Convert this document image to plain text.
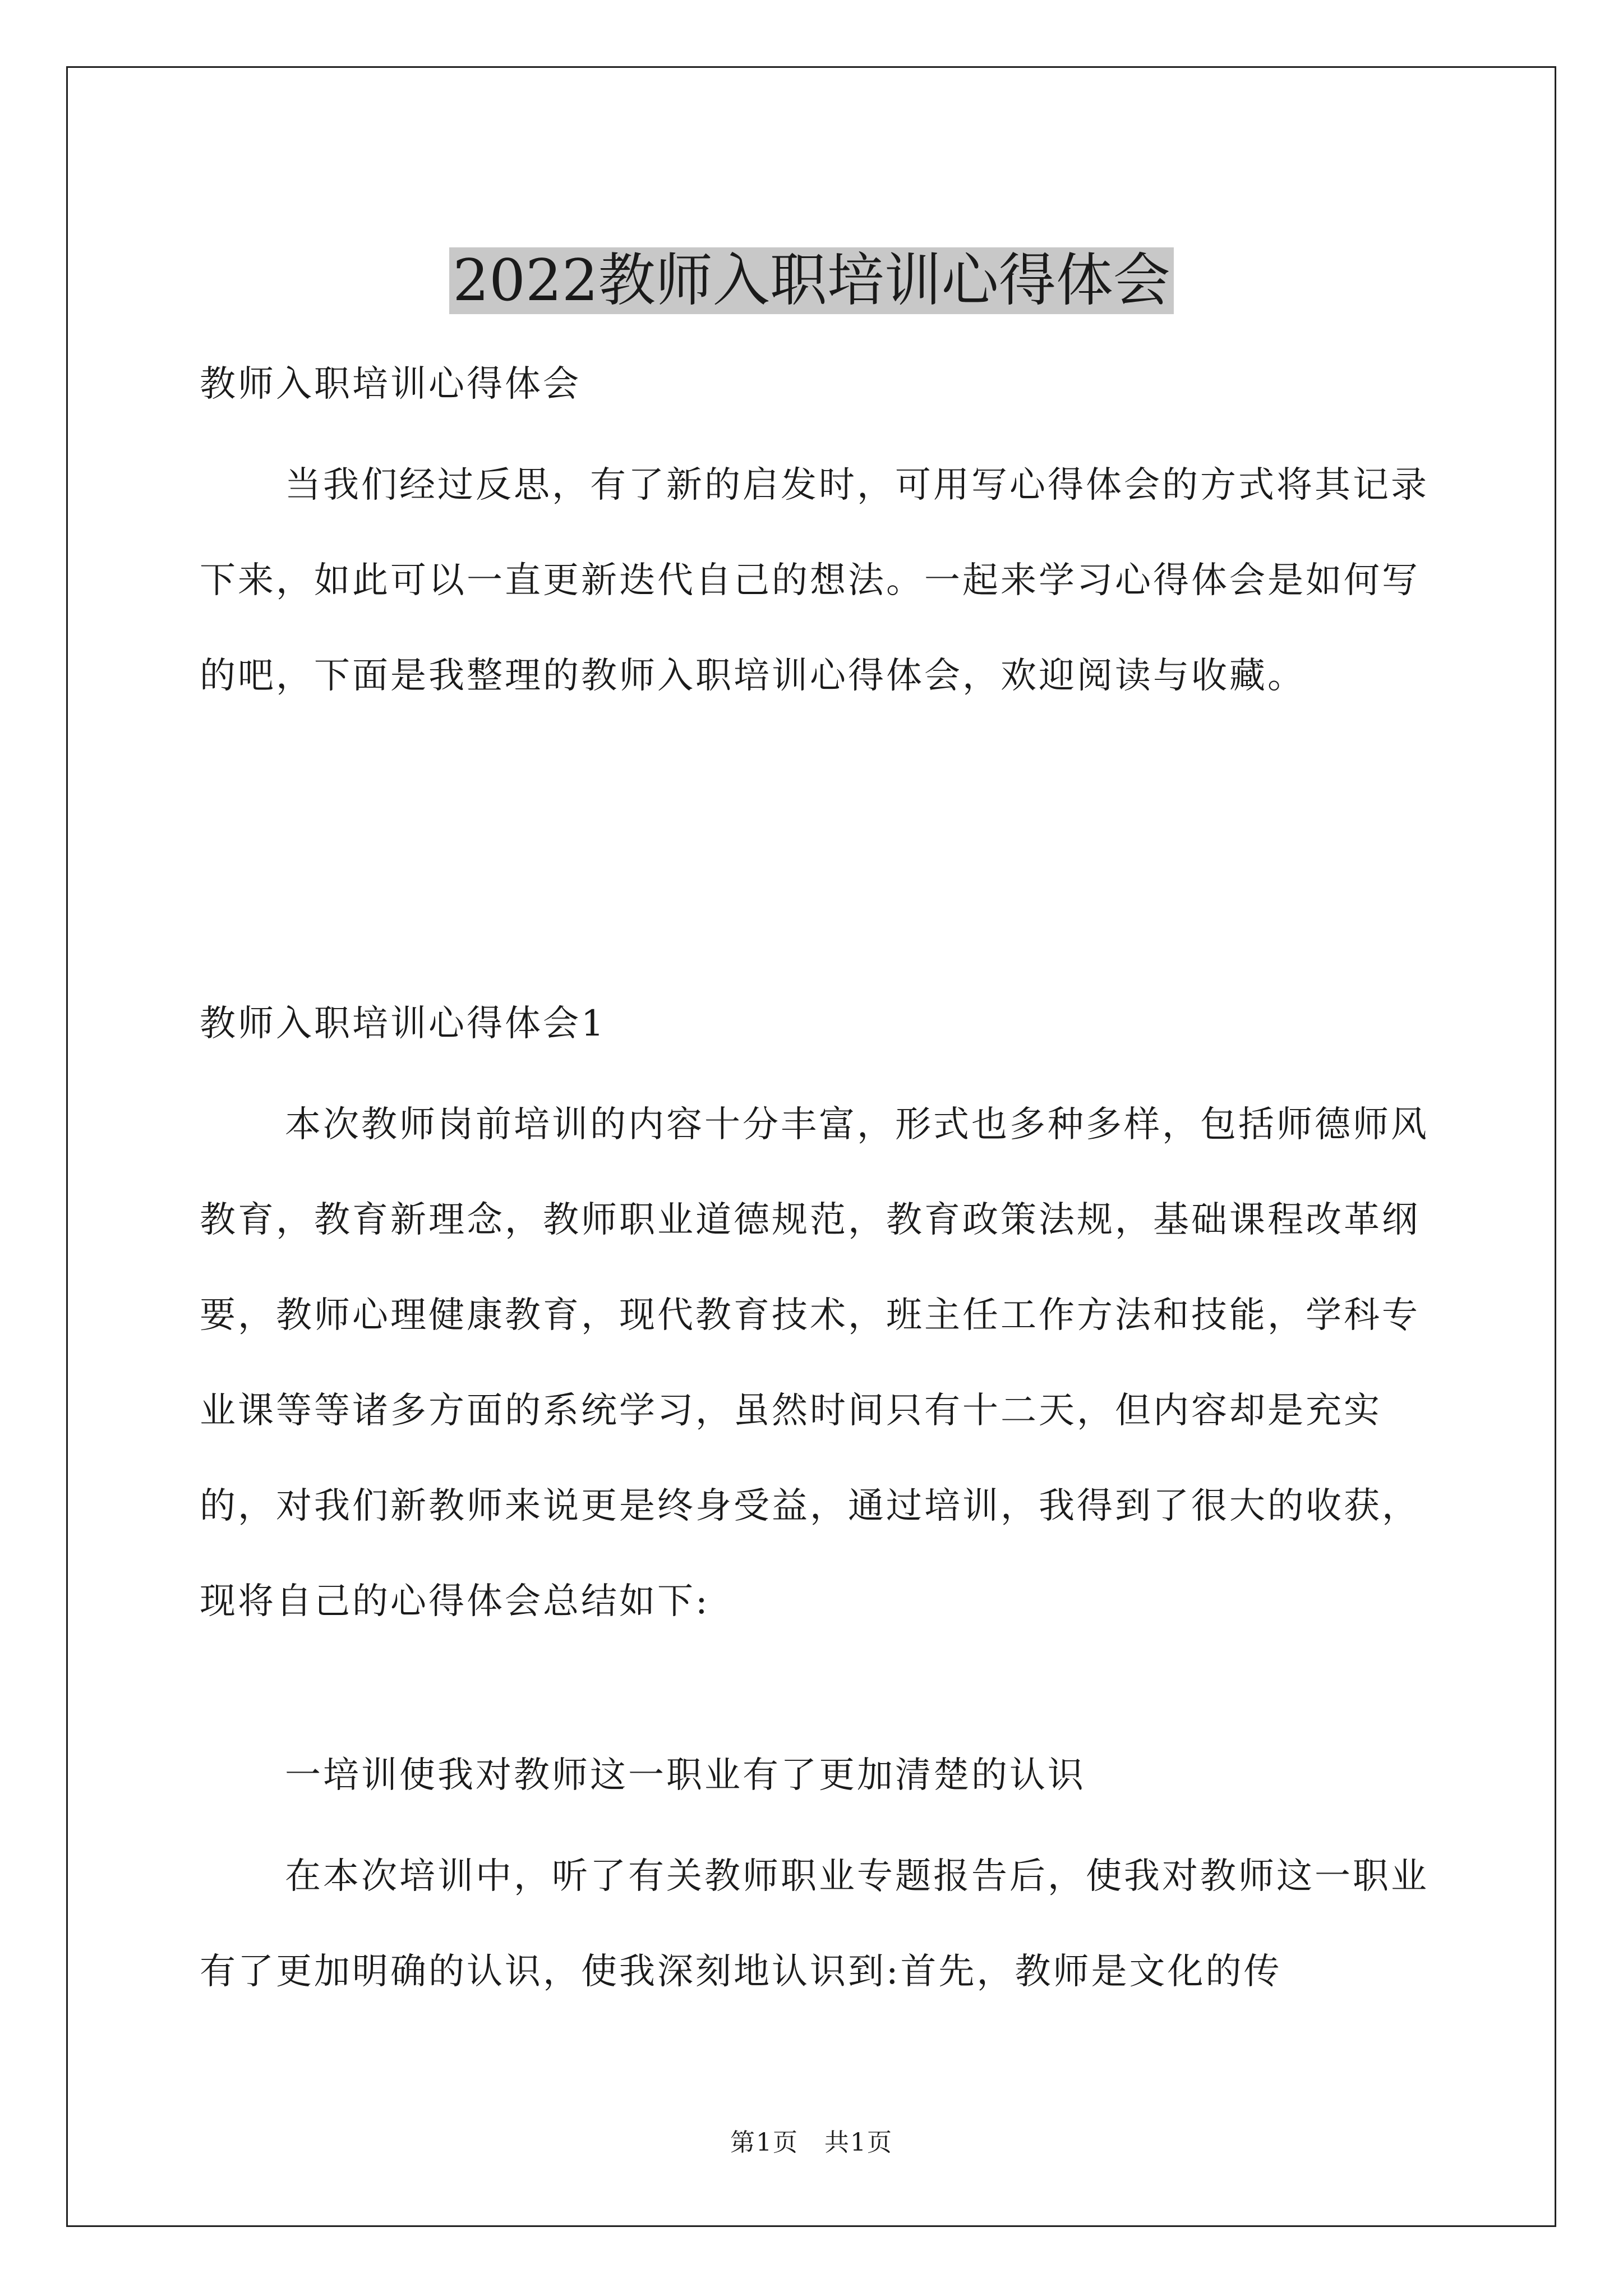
2022教师入职培训心得体会
教师入职培训心得体会

当我们经过反思，有了新的启发时，可用写心得体会的方式将其记录下来，如此可以一直更新迭代自己的想法。一起来学习心得体会是如何写的吧，下面是我整理的教师入职培训心得体会，欢迎阅读与收藏。

教师入职培训心得体会1

本次教师岗前培训的内容十分丰富，形式也多种多样，包括师德师风教育，教育新理念，教师职业道德规范，教育政策法规，基础课程改革纲要，教师心理健康教育，现代教育技术，班主任工作方法和技能，学科专业课等等诸多方面的系统学习，虽然时间只有十二天，但内容却是充实的，对我们新教师来说更是终身受益，通过培训，我得到了很大的收获，现将自己的心得体会总结如下:

一培训使我对教师这一职业有了更加清楚的认识

在本次培训中，听了有关教师职业专题报告后，使我对教师这一职业有了更加明确的认识，使我深刻地认识到:首先，教师是文化的传

第1页　共1页
